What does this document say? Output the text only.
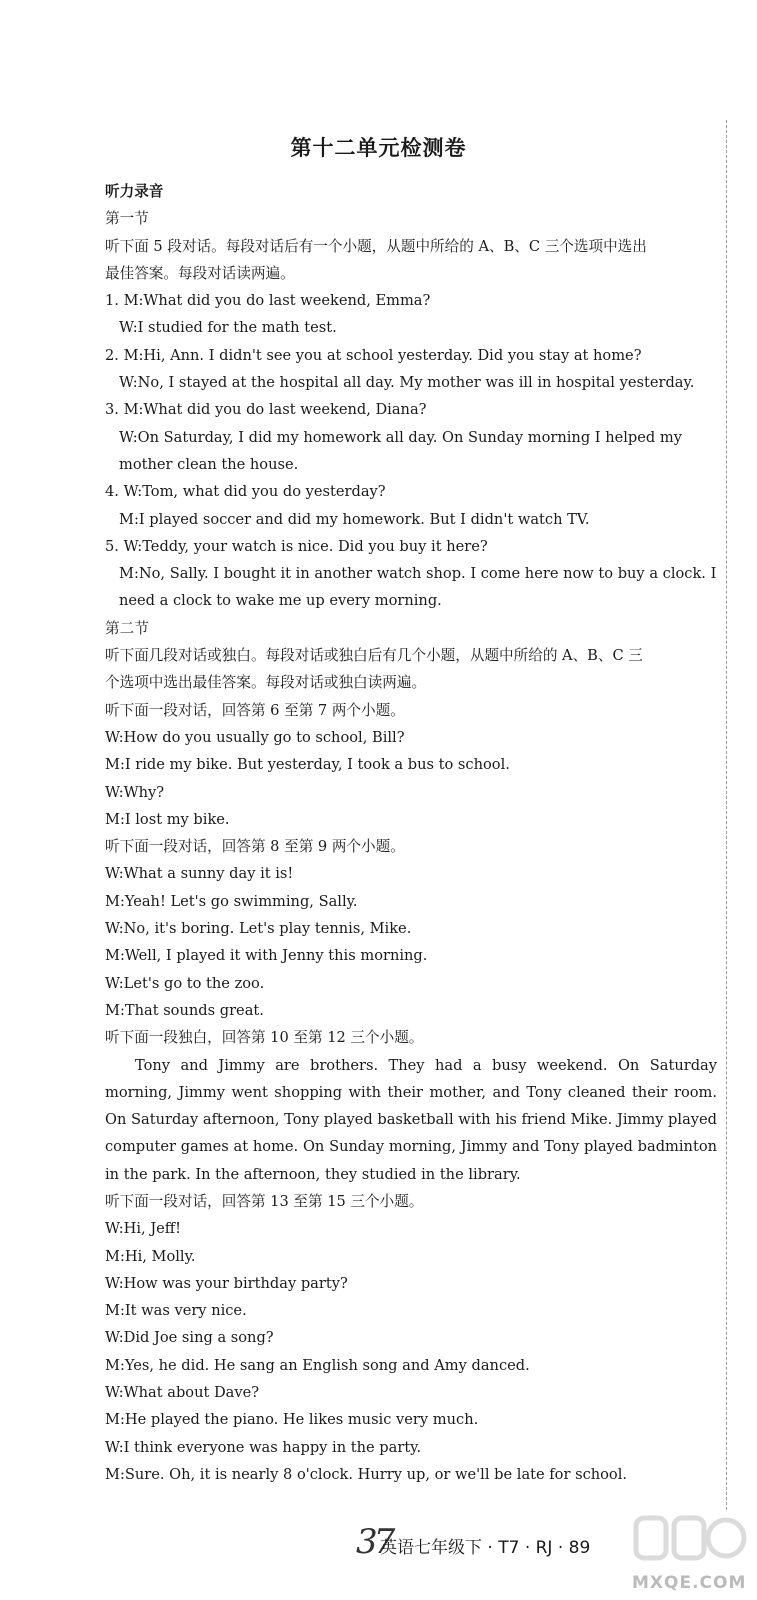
第十二单元检测卷
听力录音
第一节
听下面 5 段对话。每段对话后有一个小题，从题中所给的 A、B、C 三个选项中选出
最佳答案。每段对话读两遍。
1. M:What did you do last weekend, Emma?
W:I studied for the math test.
2. M:Hi, Ann. I didn't see you at school yesterday. Did you stay at home?
W:No, I stayed at the hospital all day. My mother was ill in hospital yesterday.
3. M:What did you do last weekend, Diana?
W:On Saturday, I did my homework all day. On Sunday morning I helped my
mother clean the house.
4. W:Tom, what did you do yesterday?
M:I played soccer and did my homework. But I didn't watch TV.
5. W:Teddy, your watch is nice. Did you buy it here?
M:No, Sally. I bought it in another watch shop. I come here now to buy a clock. I
need a clock to wake me up every morning.
第二节
听下面几段对话或独白。每段对话或独白后有几个小题，从题中所给的 A、B、C 三
个选项中选出最佳答案。每段对话或独白读两遍。
听下面一段对话，回答第 6 至第 7 两个小题。
W:How do you usually go to school, Bill?
M:I ride my bike. But yesterday, I took a bus to school.
W:Why?
M:I lost my bike.
听下面一段对话，回答第 8 至第 9 两个小题。
W:What a sunny day it is!
M:Yeah! Let's go swimming, Sally.
W:No, it's boring. Let's play tennis, Mike.
M:Well, I played it with Jenny this morning.
W:Let's go to the zoo.
M:That sounds great.
听下面一段独白，回答第 10 至第 12 三个小题。
Tony and Jimmy are brothers. They had a busy weekend. On Saturday morning, Jimmy went shopping with their mother, and Tony cleaned their room. On Saturday afternoon, Tony played basketball with his friend Mike. Jimmy played computer games at home. On Sunday morning, Jimmy and Tony played badminton in the park. In the afternoon, they studied in the library.
听下面一段对话，回答第 13 至第 15 三个小题。
W:Hi, Jeff!
M:Hi, Molly.
W:How was your birthday party?
M:It was very nice.
W:Did Joe sing a song?
M:Yes, he did. He sang an English song and Amy danced.
W:What about Dave?
M:He played the piano. He likes music very much.
W:I think everyone was happy in the party.
M:Sure. Oh, it is nearly 8 o'clock. Hurry up, or we'll be late for school.
37
英语七年级下 · T7 · RJ · 89
MXQE.COM
